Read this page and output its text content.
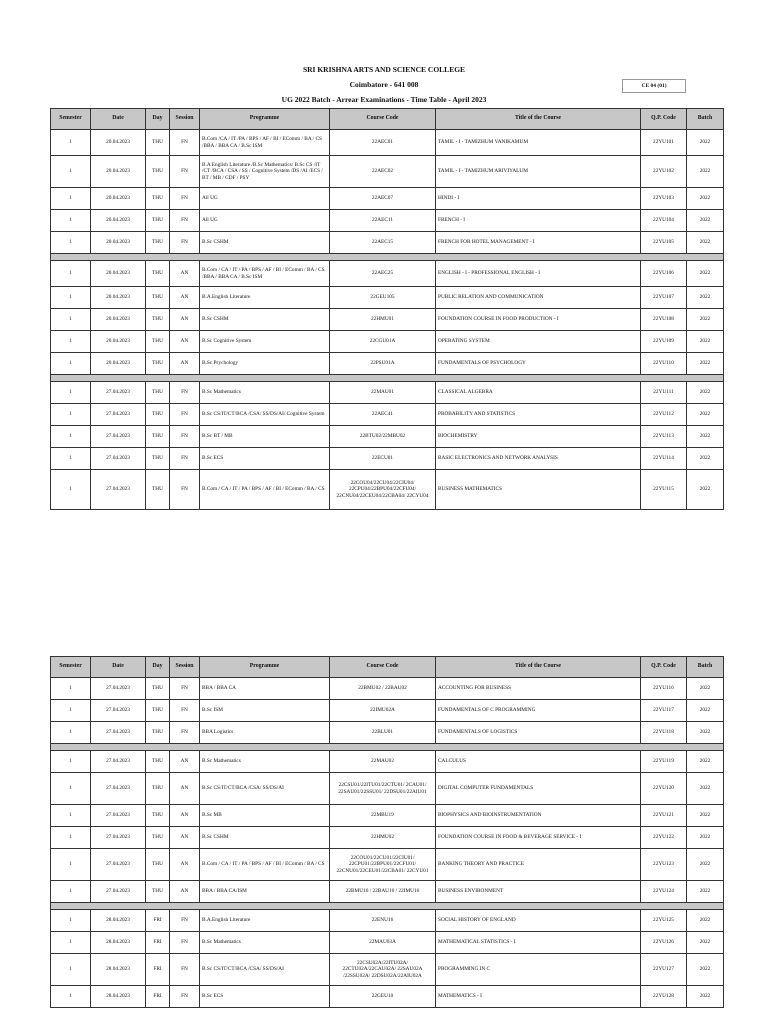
SRI KRISHNA ARTS AND SCIENCE COLLEGE
Coimbatore - 641 008	CE 04 (01)
UG 2022 Batch - Arrear Examinations - Time Table - April 2023
Semester	Date	Day	Session	Programme	Course Code	Title of the Course	Q.P. Code	Batch
1	20.04.2023	THU	FN	B.Com /CA / IT /PA / BPS / AF / BI / EComm / BA / CS /BBA / BBA CA / B.Sc ISM	22AEC01	TAMIL - I - TAMIZHUM VANIKAMUM	22YU101	2022
1	20.04.2023	THU	FN	B.A English Literature /B.Sc Mathematics/ B.Sc CS /IT /CT /BCA / CSA / SS / Cognitive System /DS /AI /ECS / BT / MB / CDF / PSY	22AEC02	TAMIL - I - TAMIZHUM ARIVIYALUM	22YU102	2022
1	20.04.2023	THU	FN	All UG	22AEC07	HINDI - I	22YU103	2022
1	20.04.2023	THU	FN	All UG	22AEC11	FRENCH - I	22YU104	2022
1	20.04.2023	THU	FN	B.Sc CSHM	22AEC15	FRENCH FOR HOTEL MANAGEMENT - I	22YU105	2022

1	20.04.2023	THU	AN	B.Com / CA / IT / PA / BPS / AF / BI / EComm / BA / CS /BBA / BBA CA / B.Sc ISM	22AEC25	ENGLISH - I - PROFESSIONAL ENGLISH - I	22YU106	2022
1	20.04.2023	THU	AN	B.A.English Literature	22GEU105	PUBLIC RELATION AND COMMUNICATION	22YU107	2022
1	20.04.2023	THU	AN	B.Sc CSHM	22HMU01	FOUNDATION COURSE IN FOOD PRODUCTION - I	22YU108	2022
1	20.04.2023	THU	AN	B.Sc Cognitive System	22CGU01A	OPERATING SYSTEM	22YU109	2022
1	20.04.2023	THU	AN	B.Sc Psychology	22PSU01A	FUNDAMENTALS OF PSYCHOLOGY	22YU110	2022

1	27.04.2023	THU	FN	B.Sc Mathematics	22MAU01	CLASSICAL ALGEBRA	22YU111	2022
1	27.04.2023	THU	FN	B.Sc CS/IT/CT/BCA /CSA/ SS/DS/AI/ Cognitive System	22AEC41	PROBABILITY AND STATISTICS	22YU112	2022
1	27.04.2023	THU	FN	B.Sc BT / MB	22BTU02/22MBU02	BIOCHEMISTRY	22YU113	2022
1	27.04.2023	THU	FN	B.Sc ECS	22ECU01	BASIC ELECTRONICS AND NETWORK ANALYSIS	22YU114	2022
1	27.04.2023	THU	FN	B.Com / CA / IT / PA / BPS / AF / BI / EComm / BA / CS	22COU04/22CU04/22CIU04/ 22CPU04/22BPU04/22CFU04/ 22CNU04/22CEU04/22CBA04/ 22CYU04	BUSINESS MATHEMATICS	22YU115	2022
Semester	Date	Day	Session	Programme	Course Code	Title of the Course	Q.P. Code	Batch
1	27.04.2023	THU	FN	BBA / BBA CA	22BMU02 / 22BAU02	ACCOUNTING FOR BUSINESS	22YU116	2022
1	27.04.2023	THU	FN	B.Sc ISM	22IMU02A	FUNDAMENTALS OF C PROGRAMMING	22YU117	2022
1	27.04.2023	THU	FN	BBA Logistics	22BLU01	FUNDAMENTALS OF LOGISTICS	22YU118	2022

1	27.04.2023	THU	AN	B.Sc Mathematics	22MAU02	CALCULUS	22YU119	2022
1	27.04.2023	THU	AN	B.Sc CS/IT/CT/BCA /CSA/ SS/DS/AI	22CSU01/22ITU01/22CTU01/ 2CAU01/ 22SAU01/22SSU01/ 22DSU01/22AIU01	DIGITAL COMPUTER FUNDAMENTALS	22YU120	2022
1	27.04.2023	THU	AN	B.Sc MB	22MBU19	BIOPHYSICS AND BIOINSTRUMENTATION	22YU121	2022
1	27.04.2023	THU	AN	B.Sc CSHM	22HMU02	FOUNDATION COURSE IN FOOD & BEVERAGE SERVICE - I	22YU122	2022
1	27.04.2023	THU	AN	B.Com / CA / IT / PA / BPS / AF / BI / EComm / BA / CS	22COU01/22CU01/22CIU01/ 22CPU01/22BPU01/22CFU01/ 22CNU01/22CEU01/22CBA01/ 22CYU01	BANKING THEORY AND PRACTICE	22YU123	2022
1	27.04.2023	THU	AN	BBA / BBA CA/ISM	22BMU16 / 22BAU16 / 22IMU16	BUSINESS ENVIRONMENT	22YU124	2022

1	28.04.2023	FRI	FN	B.A.English Literature	22ENU16	SOCIAL HISTORY OF ENGLAND	22YU125	2022
1	28.04.2023	FRI	FN	B.Sc Mathematics	22MAU03A	MATHEMATICAL STATISTICS - I	22YU126	2022
1	28.04.2023	FRI	FN	B.Sc CS/IT/CT/BCA /CSA/ SS/DS/AI	22CSU02A/22ITU02A/ 22CTU02A/22CAU02A/ 22SAU02A /22SSU02A/ 22DSU02A/22AIU02A	PROGRAMMING IN C	22YU127	2022
1	28.04.2023	FRI	FN	B.Sc ECS	22GEU10	MATHEMATICS - I	22YU128	2022
